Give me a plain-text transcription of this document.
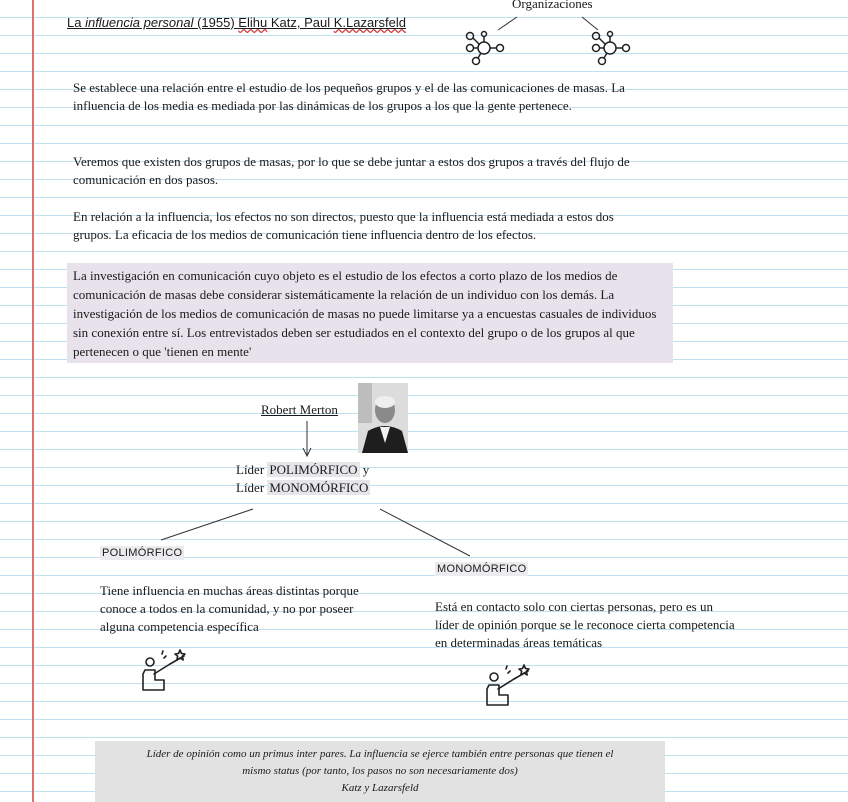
La influencia personal (1955) Elihu Katz, Paul K.Lazarsfeld
Organizaciones
Se establece una relación entre el estudio de los pequeños grupos y el de las comunicaciones de masas. La influencia de los media es mediada por las dinámicas de los grupos a los que la gente pertenece.
Veremos que existen dos grupos de masas, por lo que se debe juntar a estos dos grupos a través del flujo de comunicación en dos pasos.
En relación a la influencia, los efectos no son directos, puesto que la influencia está mediada a estos dos grupos. La eficacia de los medios de comunicación tiene influencia dentro de los efectos.
La investigación en comunicación cuyo objeto es el estudio de los efectos a corto plazo de los medios de comunicación de masas debe considerar sistemáticamente la relación de un individuo con los demás. La investigación de los medios de comunicación de masas no puede limitarse ya a encuestas casuales de individuos sin conexión entre sí. Los entrevistados deben ser estudiados en el contexto del grupo o de los grupos al que pertenecen o que 'tienen en mente'
Robert Merton
Líder POLIMÓRFICO y
Líder MONOMÓRFICO
POLIMÓRFICO
Tiene influencia en muchas áreas distintas porque conoce a todos en la comunidad, y no por poseer alguna competencia específica
MONOMÓRFICO
Está en contacto solo con ciertas personas, pero es un líder de opinión porque se le reconoce cierta competencia en determinadas áreas temáticas
Líder de opinión como un primus inter pares. La influencia se ejerce también entre personas que tienen el
mismo status (por tanto, los pasos no son necesariamente dos)
Katz y Lazarsfeld
